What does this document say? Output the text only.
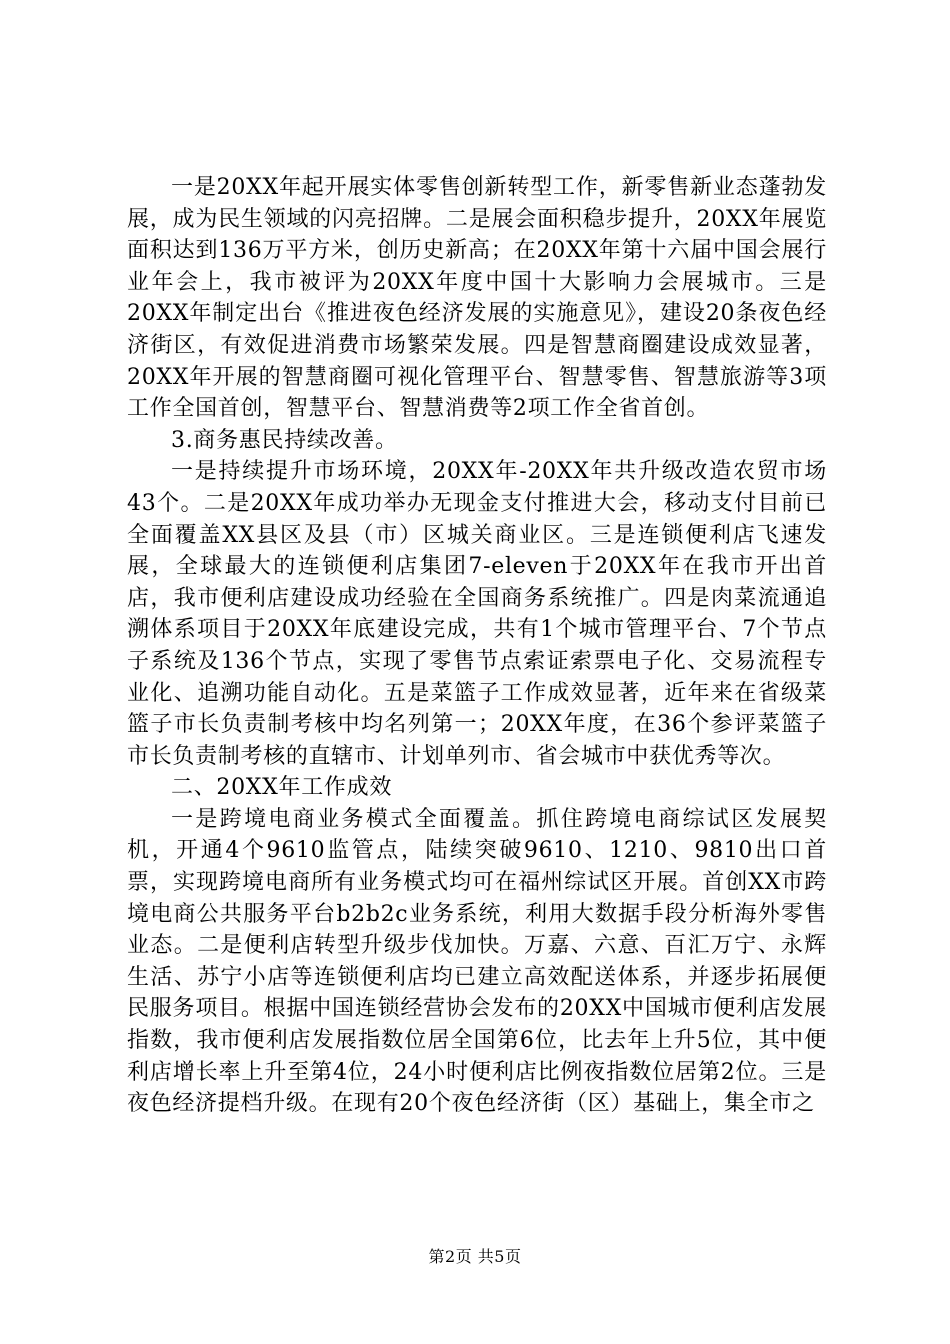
一是20XX年起开展实体零售创新转型工作，新零售新业态蓬勃发展，成为民生领域的闪亮招牌。二是展会面积稳步提升，20XX年展览面积达到136万平方米，创历史新高；在20XX年第十六届中国会展行业年会上，我市被评为20XX年度中国十大影响力会展城市。三是20XX年制定出台《推进夜色经济发展的实施意见》，建设20条夜色经济街区，有效促进消费市场繁荣发展。四是智慧商圈建设成效显著，20XX年开展的智慧商圈可视化管理平台、智慧零售、智慧旅游等3项工作全国首创，智慧平台、智慧消费等2项工作全省首创。

3.商务惠民持续改善。

一是持续提升市场环境，20XX年-20XX年共升级改造农贸市场43个。二是20XX年成功举办无现金支付推进大会，移动支付目前已全面覆盖XX县区及县（市）区城关商业区。三是连锁便利店飞速发展，全球最大的连锁便利店集团7-eleven于20XX年在我市开出首店，我市便利店建设成功经验在全国商务系统推广。四是肉菜流通追溯体系项目于20XX年底建设完成，共有1个城市管理平台、7个节点子系统及136个节点，实现了零售节点索证索票电子化、交易流程专业化、追溯功能自动化。五是菜篮子工作成效显著，近年来在省级菜篮子市长负责制考核中均名列第一；20XX年度，在36个参评菜篮子市长负责制考核的直辖市、计划单列市、省会城市中获优秀等次。

二、20XX年工作成效

一是跨境电商业务模式全面覆盖。抓住跨境电商综试区发展契机，开通4个9610监管点，陆续突破9610、1210、9810出口首票，实现跨境电商所有业务模式均可在福州综试区开展。首创XX市跨境电商公共服务平台b2b2c业务系统，利用大数据手段分析海外零售业态。二是便利店转型升级步伐加快。万嘉、六意、百汇万宁、永辉生活、苏宁小店等连锁便利店均已建立高效配送体系，并逐步拓展便民服务项目。根据中国连锁经营协会发布的20XX中国城市便利店发展指数，我市便利店发展指数位居全国第6位，比去年上升5位，其中便利店增长率上升至第4位，24小时便利店比例夜指数位居第2位。三是夜色经济提档升级。在现有20个夜色经济街（区）基础上，集全市之

第2页 共5页
